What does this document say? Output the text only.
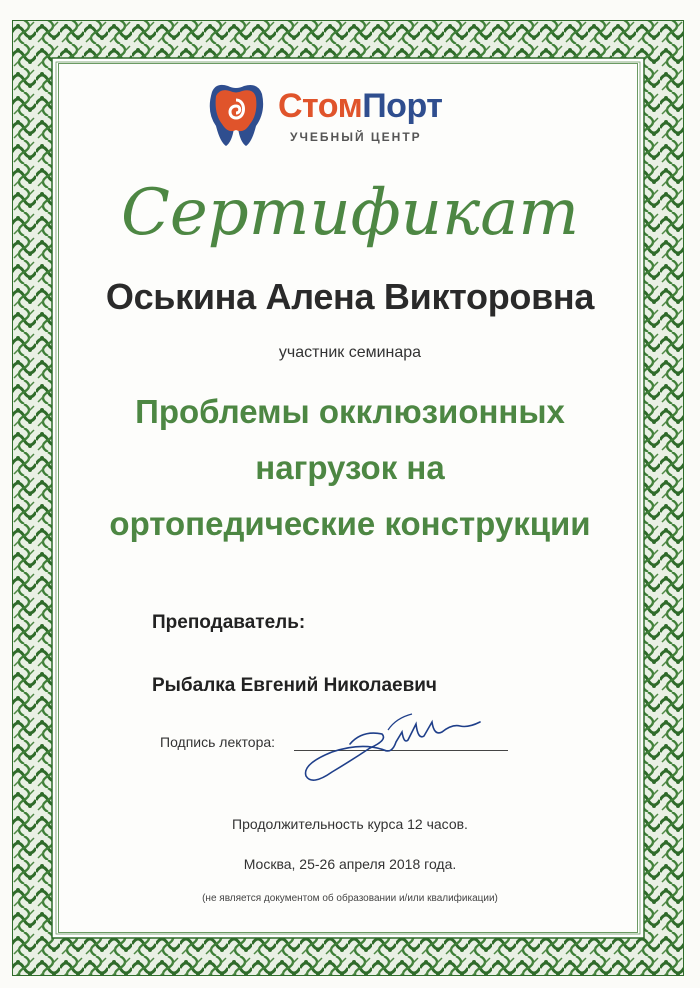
СтомПорт
УЧЕБНЫЙ ЦЕНТР
Сертификат
Оськина Алена Викторовна
участник семинара
Проблемы окклюзионных
нагрузок на
ортопедические конструкции
Преподаватель:
Рыбалка Евгений Николаевич
Подпись лектора:
Продолжительность курса 12 часов.
Москва, 25-26 апреля 2018 года.
(не является документом об образовании и/или квалификации)
